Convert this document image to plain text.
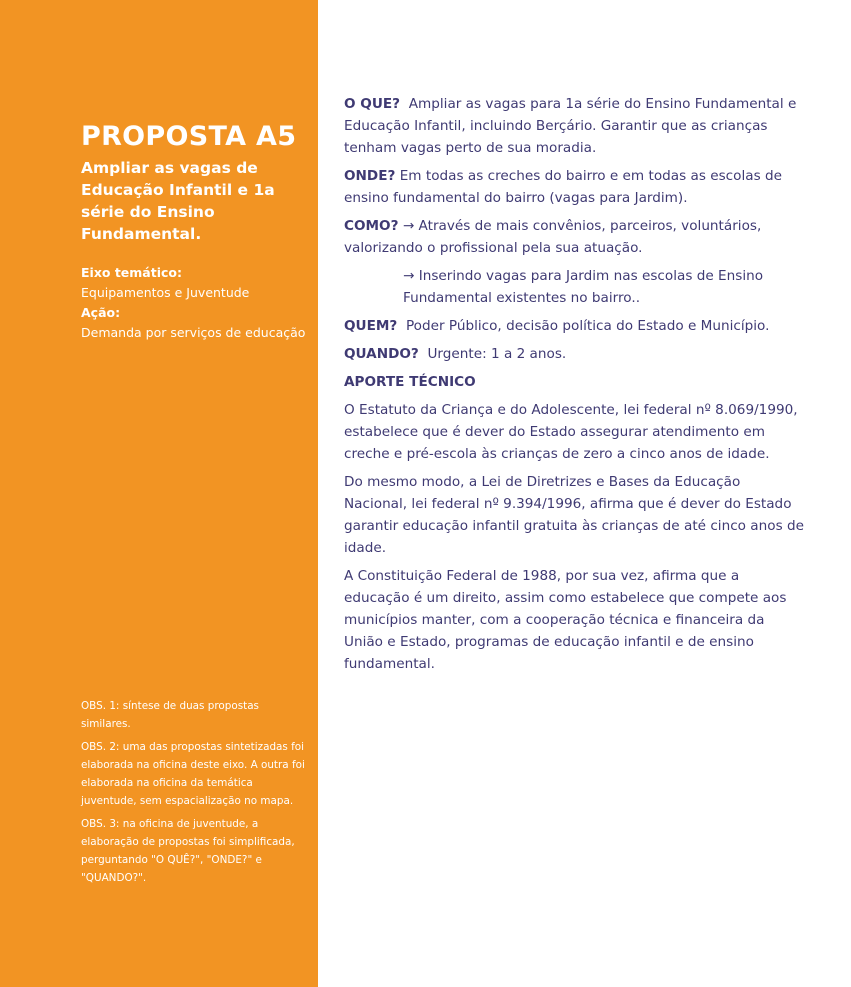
PROPOSTA A5
Ampliar as vagas de Educação Infantil e 1a série do Ensino Fundamental.
Eixo temático:
Equipamentos e Juventude
Ação:
Demanda por serviços de educação

OBS. 1: síntese de duas propostas similares.

OBS. 2: uma das propostas sintetizadas foi elaborada na oficina deste eixo. A outra foi elaborada na oficina da temática juventude, sem espacialização no mapa.

OBS. 3: na oficina de juventude, a elaboração de propostas foi simplificada, perguntando "O QUÊ?", "ONDE?" e "QUANDO?".

O QUE? Ampliar as vagas para 1a série do Ensino Fundamental e Educação Infantil, incluindo Berçário. Garantir que as crianças tenham vagas perto de sua moradia.

ONDE? Em todas as creches do bairro e em todas as escolas de ensino fundamental do bairro (vagas para Jardim).

COMO? → Através de mais convênios, parceiros, voluntários, valorizando o profissional pela sua atuação.

→ Inserindo vagas para Jardim nas escolas de Ensino Fundamental existentes no bairro..

QUEM? Poder Público, decisão política do Estado e Município.

QUANDO? Urgente: 1 a 2 anos.

APORTE TÉCNICO

O Estatuto da Criança e do Adolescente, lei federal nº 8.069/1990, estabelece que é dever do Estado assegurar atendimento em creche e pré-escola às crianças de zero a cinco anos de idade.

Do mesmo modo, a Lei de Diretrizes e Bases da Educação Nacional, lei federal nº 9.394/1996, afirma que é dever do Estado garantir educação infantil gratuita às crianças de até cinco anos de idade.

A Constituição Federal de 1988, por sua vez, afirma que a educação é um direito, assim como estabelece que compete aos municípios manter, com a cooperação técnica e financeira da União e Estado, programas de educação infantil e de ensino fundamental.
